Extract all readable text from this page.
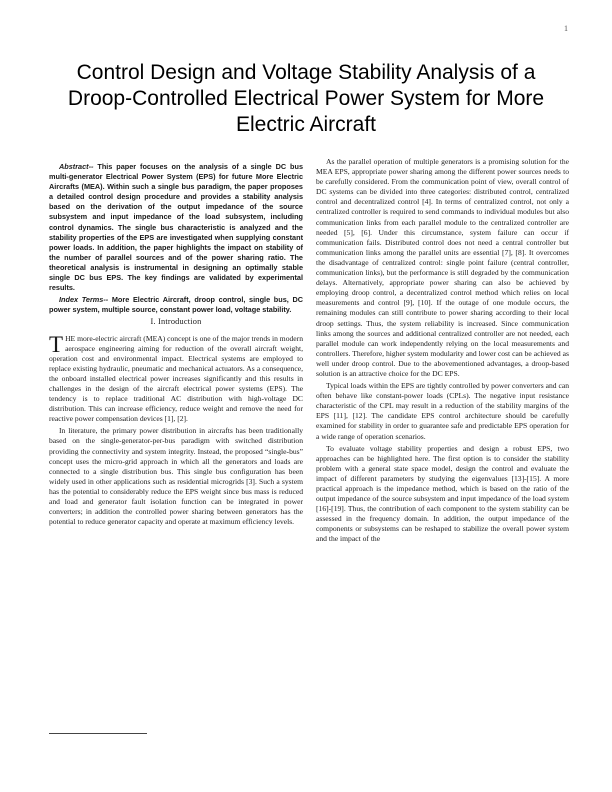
1
Control Design and Voltage Stability Analysis of a Droop-Controlled Electrical Power System for More Electric Aircraft

Abstract-- This paper focuses on the analysis of a single DC bus multi-generator Electrical Power System (EPS) for future More Electric Aircrafts (MEA). Within such a single bus paradigm, the paper proposes a detailed control design procedure and provides a stability analysis based on the derivation of the output impedance of the source subsystem and input impedance of the load subsystem, including control dynamics. The single bus characteristic is analyzed and the stability properties of the EPS are investigated when supplying constant power loads. In addition, the paper highlights the impact on stability of the number of parallel sources and of the power sharing ratio. The theoretical analysis is instrumental in designing an optimally stable single DC bus EPS. The key findings are validated by experimental results.

Index Terms-- More Electric Aircraft, droop control, single bus, DC power system, multiple source, constant power load, voltage stability.

I. Introduction

THE more-electric aircraft (MEA) concept is one of the major trends in modern aerospace engineering aiming for reduction of the overall aircraft weight, operation cost and environmental impact. Electrical systems are employed to replace existing hydraulic, pneumatic and mechanical actuators. As a consequence, the onboard installed electrical power increases significantly and this results in challenges in the design of the aircraft electrical power systems (EPS). The tendency is to replace traditional AC distribution with high-voltage DC distribution. This can increase efficiency, reduce weight and remove the need for reactive power compensation devices [1], [2].

In literature, the primary power distribution in aircrafts has been traditionally based on the single-generator-per-bus paradigm with switched distribution providing the connectivity and system integrity. Instead, the proposed “single-bus” concept uses the micro-grid approach in which all the generators and loads are connected to a single distribution bus. This single bus configuration has been widely used in other applications such as residential microgrids [3]. Such a system has the potential to considerably reduce the EPS weight since bus mass is reduced and load and generator fault isolation function can be integrated in power converters; in addition the controlled power sharing between generators has the potential to reduce generator capacity and operate at maximum efficiency levels.

As the parallel operation of multiple generators is a promising solution for the MEA EPS, appropriate power sharing among the different power sources needs to be carefully considered. From the communication point of view, overall control of DC systems can be divided into three categories: distributed control, centralized control and decentralized control [4]. In terms of centralized control, not only a centralized controller is required to send commands to individual modules but also communication links from each parallel module to the centralized controller are needed [5], [6]. Under this circumstance, system failure can occur if communication fails. Distributed control does not need a central controller but communication links among the parallel units are essential [7], [8]. It overcomes the disadvantage of centralized control: single point failure (central controller, communication links), but the performance is still degraded by the communication delays. Alternatively, appropriate power sharing can also be achieved by employing droop control, a decentralized control method which relies on local measurements and control [9], [10]. If the outage of one module occurs, the remaining modules can still contribute to power sharing according to their local droop settings. Thus, the system reliability is increased. Since communication links among the sources and additional centralized controller are not needed, each parallel module can work independently relying on the local measurements and controllers. Therefore, higher system modularity and lower cost can be achieved as well under droop control. Due to the abovementioned advantages, a droop-based solution is an attractive choice for the DC EPS.

Typical loads within the EPS are tightly controlled by power converters and can often behave like constant-power loads (CPLs). The negative input resistance characteristic of the CPL may result in a reduction of the stability margins of the EPS [11], [12]. The candidate EPS control architecture should be carefully examined for stability in order to guarantee safe and predictable EPS operation for a wide range of operation scenarios.

To evaluate voltage stability properties and design a robust EPS, two approaches can be highlighted here. The first option is to consider the stability problem with a general state space model, design the control and evaluate the impact of different parameters by studying the eigenvalues [13]-[15]. A more practical approach is the impedance method, which is based on the ratio of the output impedance of the source subsystem and input impedance of the load system [16]-[19]. Thus, the contribution of each component to the system stability can be assessed in the frequency domain. In addition, the output impedance of the components or subsystems can be reshaped to stabilize the overall power system and the impact of the
